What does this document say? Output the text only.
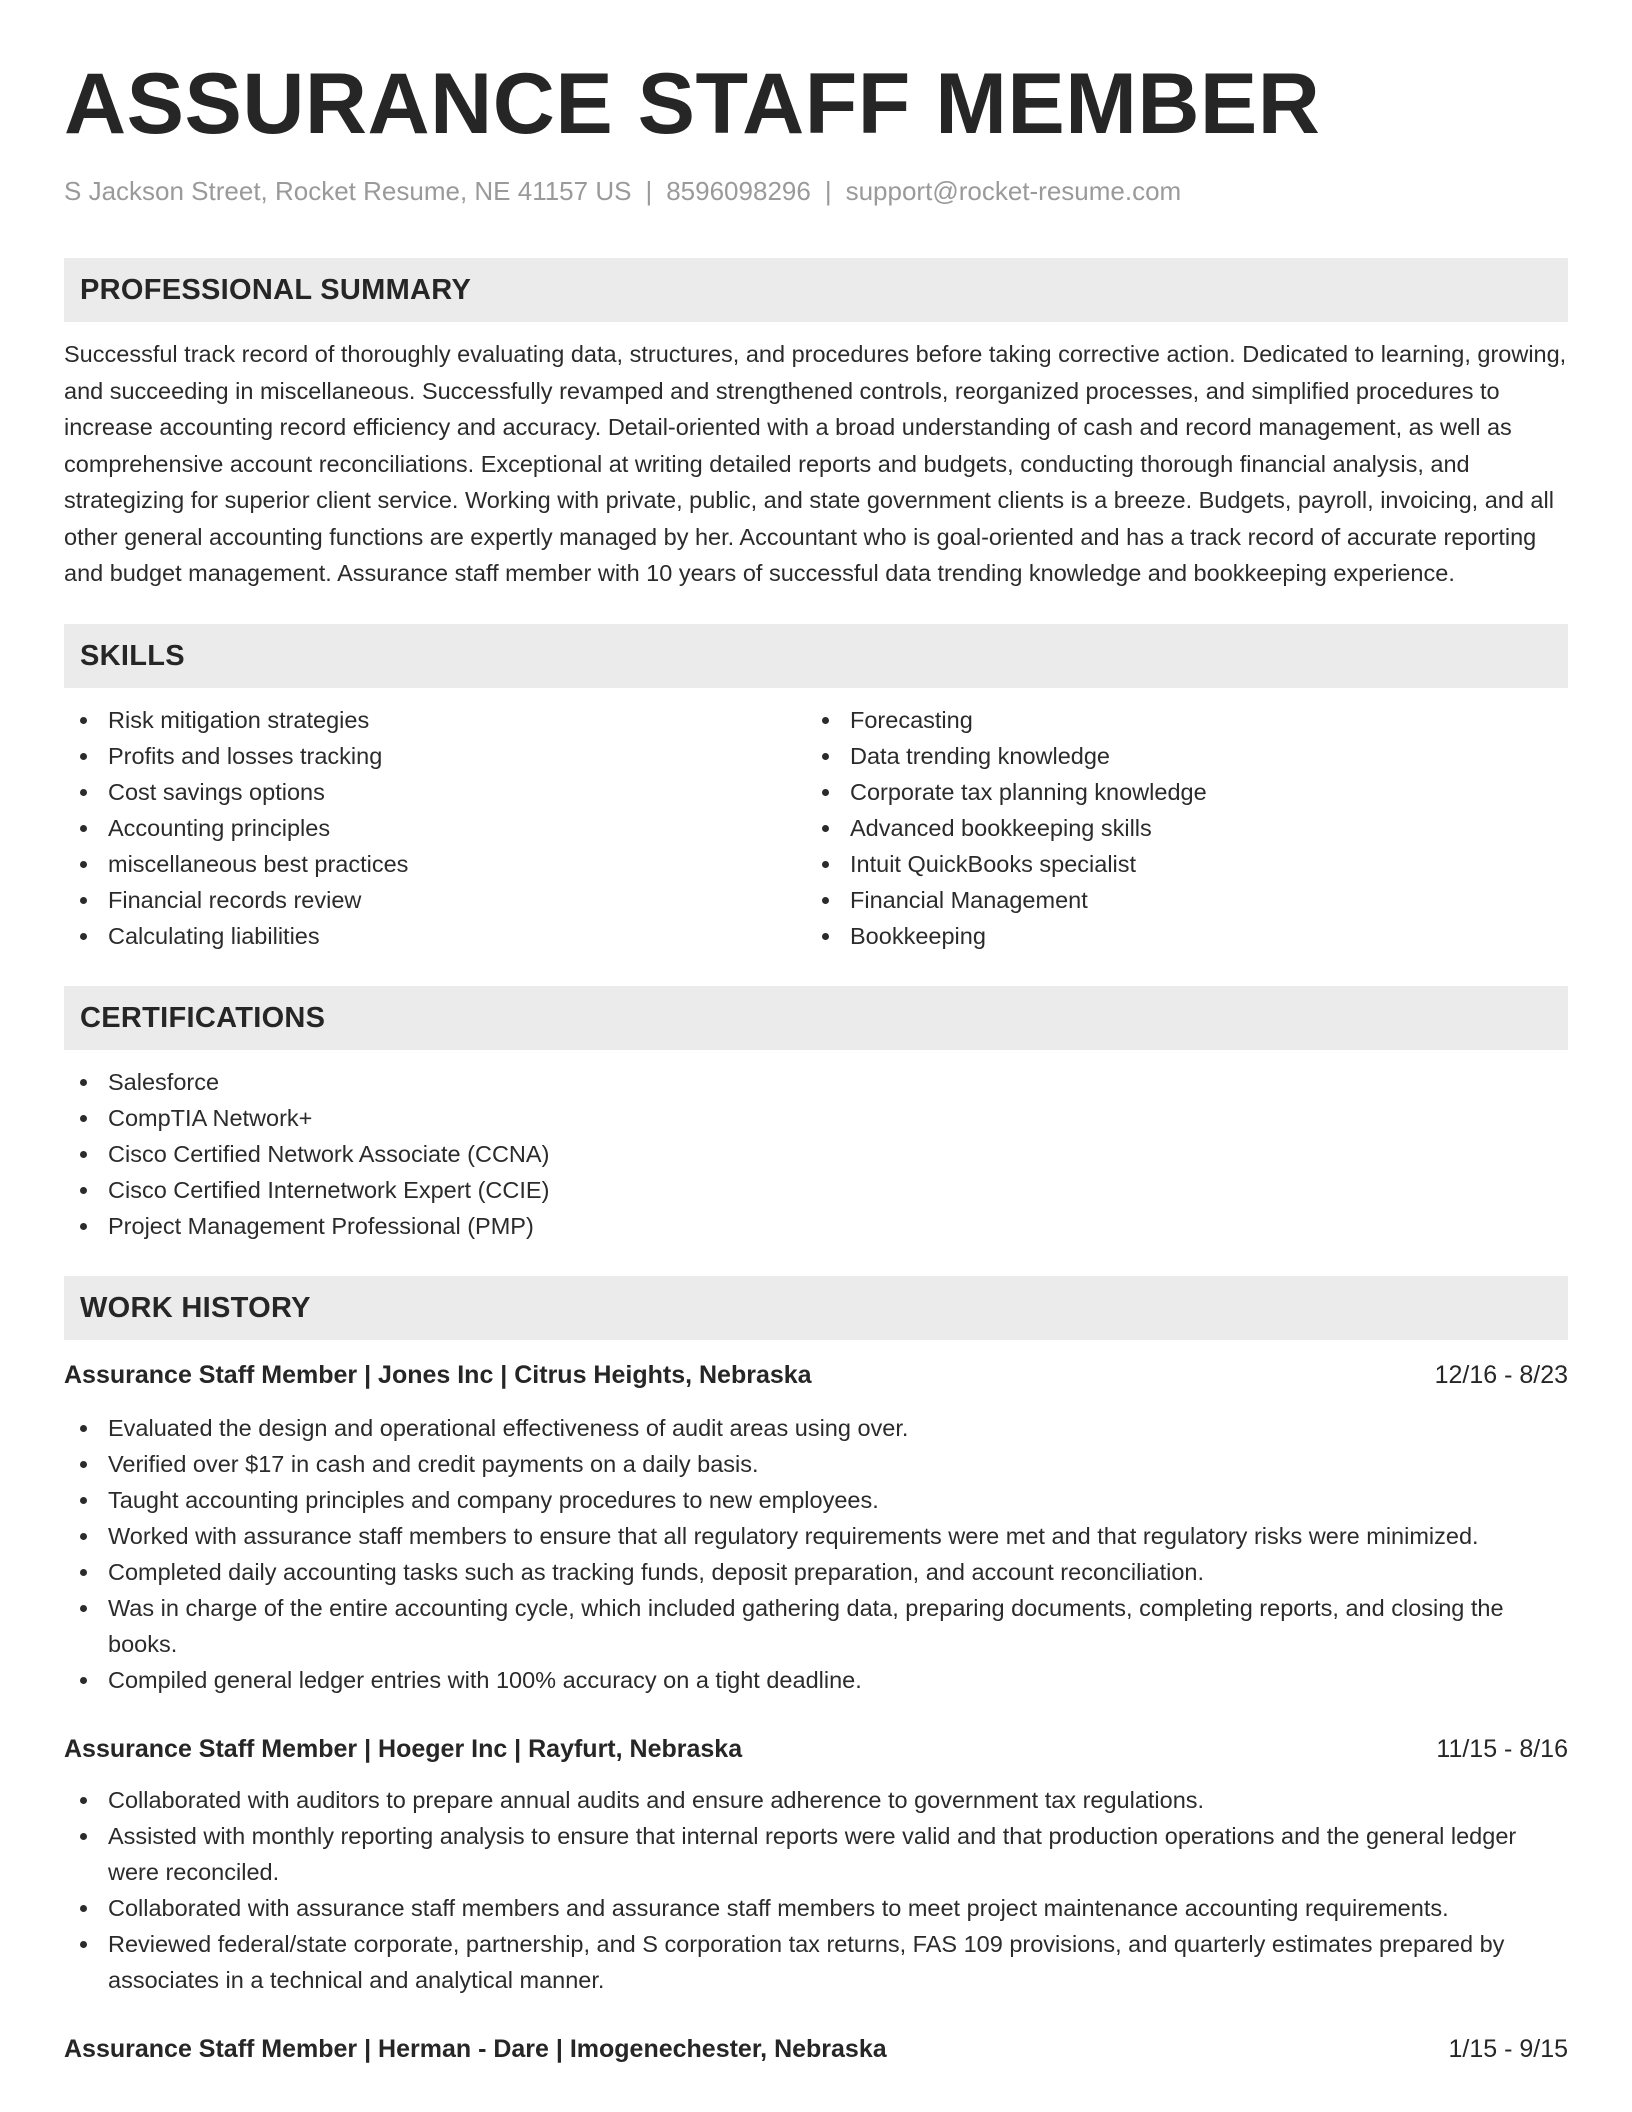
ASSURANCE STAFF MEMBER
S Jackson Street, Rocket Resume, NE 41157 US | 8596098296 | support@rocket-resume.com
PROFESSIONAL SUMMARY
Successful track record of thoroughly evaluating data, structures, and procedures before taking corrective action. Dedicated to learning, growing, and succeeding in miscellaneous. Successfully revamped and strengthened controls, reorganized processes, and simplified procedures to increase accounting record efficiency and accuracy. Detail-oriented with a broad understanding of cash and record management, as well as comprehensive account reconciliations. Exceptional at writing detailed reports and budgets, conducting thorough financial analysis, and strategizing for superior client service. Working with private, public, and state government clients is a breeze. Budgets, payroll, invoicing, and all other general accounting functions are expertly managed by her. Accountant who is goal-oriented and has a track record of accurate reporting and budget management. Assurance staff member with 10 years of successful data trending knowledge and bookkeeping experience.
SKILLS
Risk mitigation strategies
Profits and losses tracking
Cost savings options
Accounting principles
miscellaneous best practices
Financial records review
Calculating liabilities
Forecasting
Data trending knowledge
Corporate tax planning knowledge
Advanced bookkeeping skills
Intuit QuickBooks specialist
Financial Management
Bookkeeping
CERTIFICATIONS
Salesforce
CompTIA Network+
Cisco Certified Network Associate (CCNA)
Cisco Certified Internetwork Expert (CCIE)
Project Management Professional (PMP)
WORK HISTORY
Assurance Staff Member | Jones Inc | Citrus Heights, Nebraska	12/16 - 8/23
Evaluated the design and operational effectiveness of audit areas using over.
Verified over $17 in cash and credit payments on a daily basis.
Taught accounting principles and company procedures to new employees.
Worked with assurance staff members to ensure that all regulatory requirements were met and that regulatory risks were minimized.
Completed daily accounting tasks such as tracking funds, deposit preparation, and account reconciliation.
Was in charge of the entire accounting cycle, which included gathering data, preparing documents, completing reports, and closing the books.
Compiled general ledger entries with 100% accuracy on a tight deadline.
Assurance Staff Member | Hoeger Inc | Rayfurt, Nebraska	11/15 - 8/16
Collaborated with auditors to prepare annual audits and ensure adherence to government tax regulations.
Assisted with monthly reporting analysis to ensure that internal reports were valid and that production operations and the general ledger were reconciled.
Collaborated with assurance staff members and assurance staff members to meet project maintenance accounting requirements.
Reviewed federal/state corporate, partnership, and S corporation tax returns, FAS 109 provisions, and quarterly estimates prepared by associates in a technical and analytical manner.
Assurance Staff Member | Herman - Dare | Imogenechester, Nebraska	1/15 - 9/15
